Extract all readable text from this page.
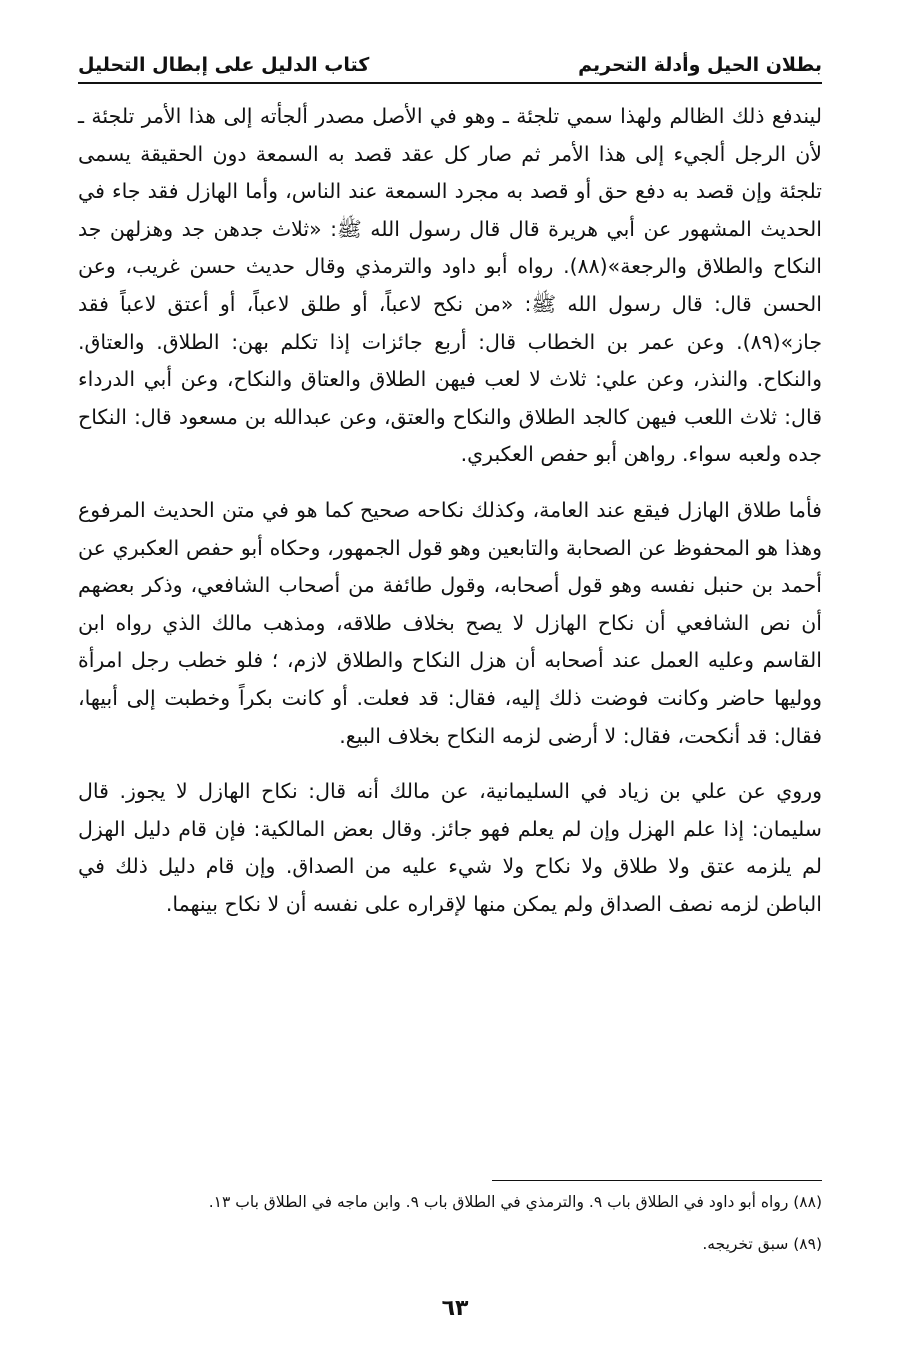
بطلان الحيل وأدلة التحريم
كتاب الدليل على إبطال التحليل

ليندفع ذلك الظالم ولهذا سمي تلجئة ـ وهو في الأصل مصدر ألجأته إلى هذا الأمر تلجئة ـ لأن الرجل ألجيء إلى هذا الأمر ثم صار كل عقد قصد به السمعة دون الحقيقة يسمى تلجئة وإن قصد به دفع حق أو قصد به مجرد السمعة عند الناس، وأما الهازل فقد جاء في الحديث المشهور عن أبي هريرة قال قال رسول الله ﷺ: «ثلاث جدهن جد وهزلهن جد النكاح والطلاق والرجعة»(٨٨). رواه أبو داود والترمذي وقال حديث حسن غريب، وعن الحسن قال: قال رسول الله ﷺ: «من نكح لاعباً، أو طلق لاعباً، أو أعتق لاعباً فقد جاز»(٨٩). وعن عمر بن الخطاب قال: أربع جائزات إذا تكلم بهن: الطلاق. والعتاق. والنكاح. والنذر، وعن علي: ثلاث لا لعب فيهن الطلاق والعتاق والنكاح، وعن أبي الدرداء قال: ثلاث اللعب فيهن كالجد الطلاق والنكاح والعتق، وعن عبدالله بن مسعود قال: النكاح جده ولعبه سواء. رواهن أبو حفص العكبري.

فأما طلاق الهازل فيقع عند العامة، وكذلك نكاحه صحيح كما هو في متن الحديث المرفوع وهذا هو المحفوظ عن الصحابة والتابعين وهو قول الجمهور، وحكاه أبو حفص العكبري عن أحمد بن حنبل نفسه وهو قول أصحابه، وقول طائفة من أصحاب الشافعي، وذكر بعضهم أن نص الشافعي أن نكاح الهازل لا يصح بخلاف طلاقه، ومذهب مالك الذي رواه ابن القاسم وعليه العمل عند أصحابه أن هزل النكاح والطلاق لازم، ؛ فلو خطب رجل امرأة ووليها حاضر وكانت فوضت ذلك إليه، فقال: قد فعلت. أو كانت بكراً وخطبت إلى أبيها، فقال: قد أنكحت، فقال: لا أرضى لزمه النكاح بخلاف البيع.

وروي عن علي بن زياد في السليمانية، عن مالك أنه قال: نكاح الهازل لا يجوز. قال سليمان: إذا علم الهزل وإن لم يعلم فهو جائز. وقال بعض المالكية: فإن قام دليل الهزل لم يلزمه عتق ولا طلاق ولا نكاح ولا شيء عليه من الصداق. وإن قام دليل ذلك في الباطن لزمه نصف الصداق ولم يمكن منها لإقراره على نفسه أن لا نكاح بينهما.

(٨٨) رواه أبو داود في الطلاق باب ٩. والترمذي في الطلاق باب ٩. وابن ماجه في الطلاق باب ١٣.
(٨٩) سبق تخريجه.
٦٣
